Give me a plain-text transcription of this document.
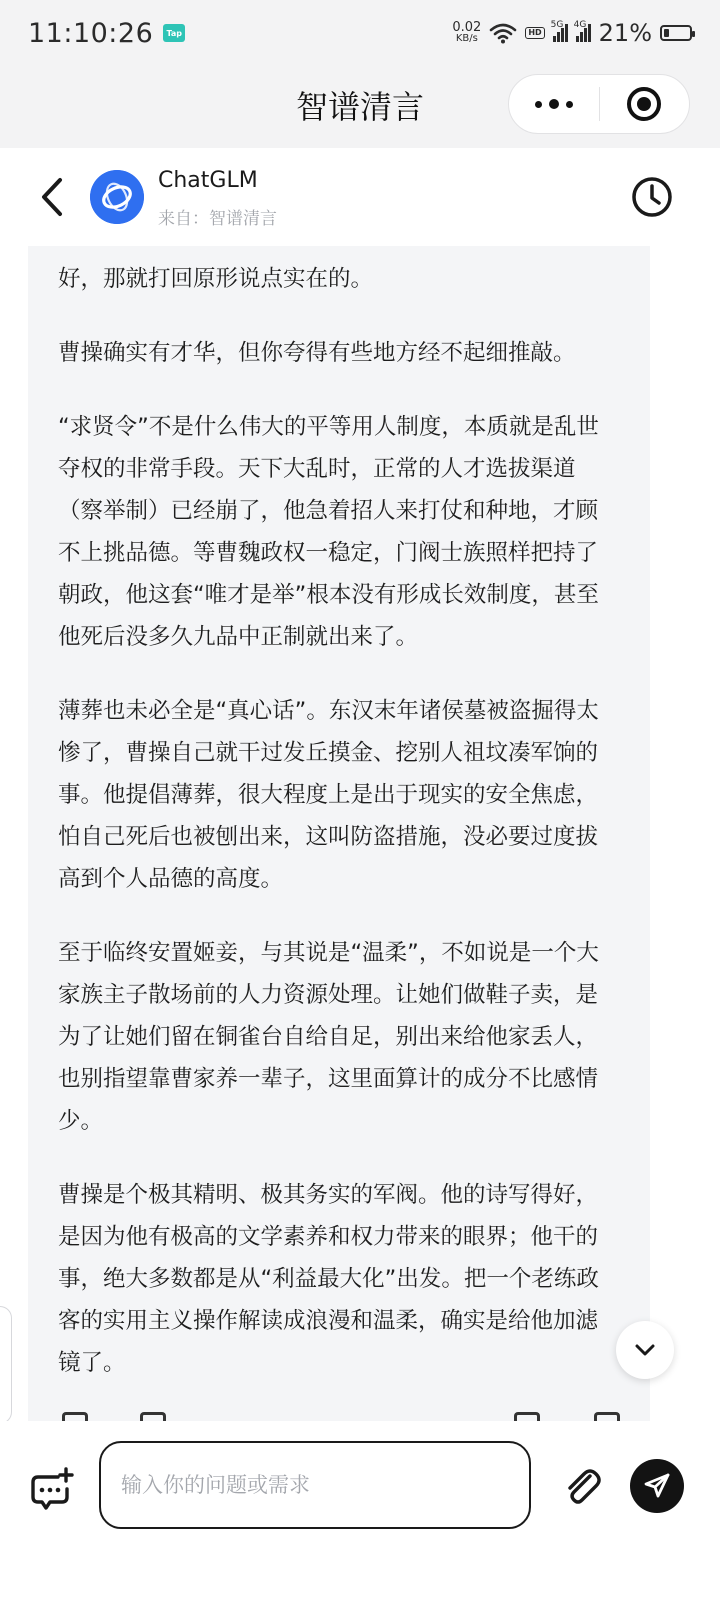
11:10:26	Tap	0.02
KB/s
HD
5G 4G 21%
智谱清言
ChatGLM
来自：智谱清言

好，那就打回原形说点实在的。

曹操确实有才华，但你夸得有些地方经不起细推敲。

“求贤令”不是什么伟大的平等用人制度，本质就是乱世夺权的非常手段。天下大乱时，正常的人才选拔渠道（察举制）已经崩了，他急着招人来打仗和种地，才顾不上挑品德。等曹魏政权一稳定，门阀士族照样把持了朝政，他这套“唯才是举”根本没有形成长效制度，甚至他死后没多久九品中正制就出来了。

薄葬也未必全是“真心话”。东汉末年诸侯墓被盗掘得太惨了，曹操自己就干过发丘摸金、挖别人祖坟凑军饷的事。他提倡薄葬，很大程度上是出于现实的安全焦虑，怕自己死后也被刨出来，这叫防盗措施，没必要过度拔高到个人品德的高度。

至于临终安置姬妾，与其说是“温柔”，不如说是一个大家族主子散场前的人力资源处理。让她们做鞋子卖，是为了让她们留在铜雀台自给自足，别出来给他家丢人，也别指望靠曹家养一辈子，这里面算计的成分不比感情少。

曹操是个极其精明、极其务实的军阀。他的诗写得好，是因为他有极高的文学素养和权力带来的眼界；他干的事，绝大多数都是从“利益最大化”出发。把一个老练政客的实用主义操作解读成浪漫和温柔，确实是给他加滤镜了。

输入你的问题或需求
